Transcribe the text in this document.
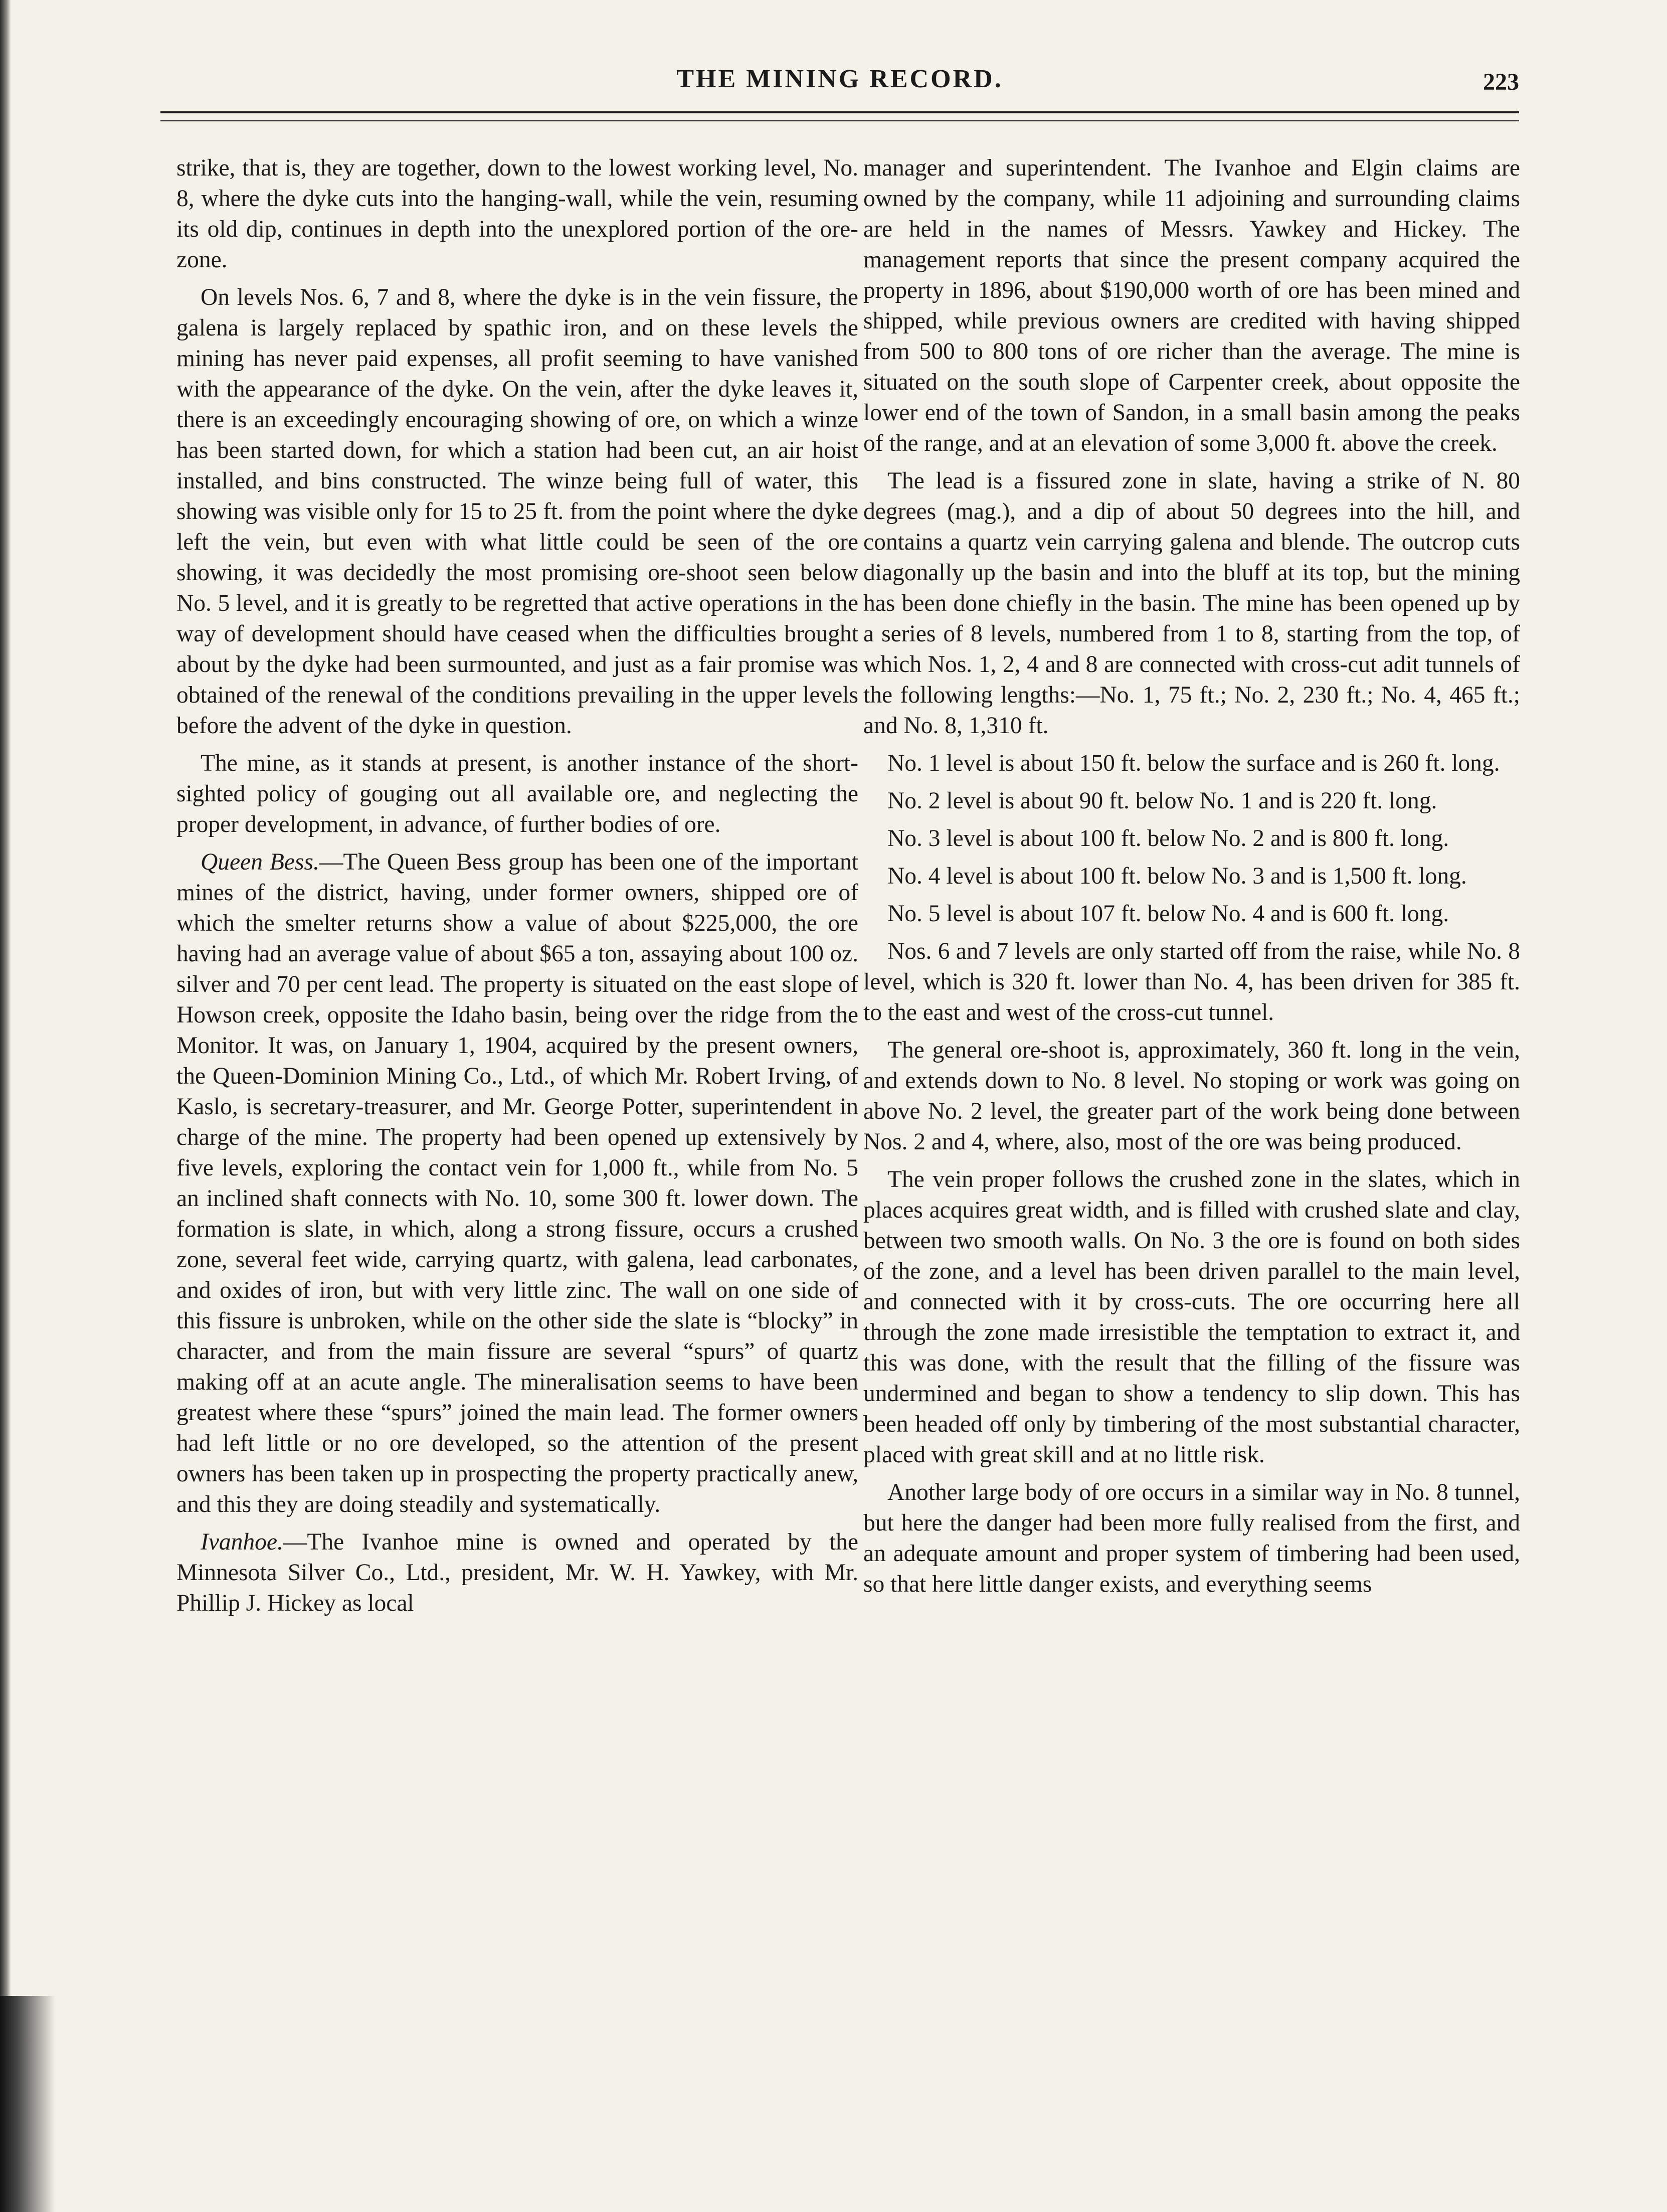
THE MINING RECORD.	223

strike, that is, they are together, down to the lowest working level, No. 8, where the dyke cuts into the hanging-wall, while the vein, resuming its old dip, continues in depth into the unexplored portion of the ore-zone.

On levels Nos. 6, 7 and 8, where the dyke is in the vein fissure, the galena is largely replaced by spathic iron, and on these levels the mining has never paid expenses, all profit seeming to have vanished with the appearance of the dyke. On the vein, after the dyke leaves it, there is an exceedingly encouraging showing of ore, on which a winze has been started down, for which a station had been cut, an air hoist installed, and bins constructed. The winze being full of water, this showing was visible only for 15 to 25 ft. from the point where the dyke left the vein, but even with what little could be seen of the ore showing, it was decidedly the most promising ore-shoot seen below No. 5 level, and it is greatly to be regretted that active operations in the way of development should have ceased when the difficulties brought about by the dyke had been surmounted, and just as a fair promise was obtained of the renewal of the conditions prevailing in the upper levels before the advent of the dyke in question.

The mine, as it stands at present, is another instance of the short-sighted policy of gouging out all available ore, and neglecting the proper development, in advance, of further bodies of ore.

Queen Bess.—The Queen Bess group has been one of the important mines of the district, having, under former owners, shipped ore of which the smelter returns show a value of about $225,000, the ore having had an average value of about $65 a ton, assaying about 100 oz. silver and 70 per cent lead. The property is situated on the east slope of Howson creek, opposite the Idaho basin, being over the ridge from the Monitor. It was, on January 1, 1904, acquired by the present owners, the Queen-Dominion Mining Co., Ltd., of which Mr. Robert Irving, of Kaslo, is secretary-treasurer, and Mr. George Potter, superintendent in charge of the mine. The property had been opened up extensively by five levels, exploring the contact vein for 1,000 ft., while from No. 5 an inclined shaft connects with No. 10, some 300 ft. lower down. The formation is slate, in which, along a strong fissure, occurs a crushed zone, several feet wide, carrying quartz, with galena, lead carbonates, and oxides of iron, but with very little zinc. The wall on one side of this fissure is unbroken, while on the other side the slate is “blocky” in character, and from the main fissure are several “spurs” of quartz making off at an acute angle. The mineralisation seems to have been greatest where these “spurs” joined the main lead. The former owners had left little or no ore developed, so the attention of the present owners has been taken up in prospecting the property practically anew, and this they are doing steadily and systematically.

Ivanhoe.—The Ivanhoe mine is owned and operated by the Minnesota Silver Co., Ltd., president, Mr. W. H. Yawkey, with Mr. Phillip J. Hickey as local

manager and superintendent. The Ivanhoe and Elgin claims are owned by the company, while 11 adjoining and surrounding claims are held in the names of Messrs. Yawkey and Hickey. The management reports that since the present company acquired the property in 1896, about $190,000 worth of ore has been mined and shipped, while previous owners are credited with having shipped from 500 to 800 tons of ore richer than the average. The mine is situated on the south slope of Carpenter creek, about opposite the lower end of the town of Sandon, in a small basin among the peaks of the range, and at an elevation of some 3,000 ft. above the creek.

The lead is a fissured zone in slate, having a strike of N. 80 degrees (mag.), and a dip of about 50 degrees into the hill, and contains a quartz vein carrying galena and blende. The outcrop cuts diagonally up the basin and into the bluff at its top, but the mining has been done chiefly in the basin. The mine has been opened up by a series of 8 levels, numbered from 1 to 8, starting from the top, of which Nos. 1, 2, 4 and 8 are connected with cross-cut adit tunnels of the following lengths:—No. 1, 75 ft.; No. 2, 230 ft.; No. 4, 465 ft.; and No. 8, 1,310 ft.

No. 1 level is about 150 ft. below the surface and is 260 ft. long.

No. 2 level is about 90 ft. below No. 1 and is 220 ft. long.

No. 3 level is about 100 ft. below No. 2 and is 800 ft. long.

No. 4 level is about 100 ft. below No. 3 and is 1,500 ft. long.

No. 5 level is about 107 ft. below No. 4 and is 600 ft. long.

Nos. 6 and 7 levels are only started off from the raise, while No. 8 level, which is 320 ft. lower than No. 4, has been driven for 385 ft. to the east and west of the cross-cut tunnel.

The general ore-shoot is, approximately, 360 ft. long in the vein, and extends down to No. 8 level. No stoping or work was going on above No. 2 level, the greater part of the work being done between Nos. 2 and 4, where, also, most of the ore was being produced.

The vein proper follows the crushed zone in the slates, which in places acquires great width, and is filled with crushed slate and clay, between two smooth walls. On No. 3 the ore is found on both sides of the zone, and a level has been driven parallel to the main level, and connected with it by cross-cuts. The ore occurring here all through the zone made irresistible the temptation to extract it, and this was done, with the result that the filling of the fissure was undermined and began to show a tendency to slip down. This has been headed off only by timbering of the most substantial character, placed with great skill and at no little risk.

Another large body of ore occurs in a similar way in No. 8 tunnel, but here the danger had been more fully realised from the first, and an adequate amount and proper system of timbering had been used, so that here little danger exists, and everything seems
